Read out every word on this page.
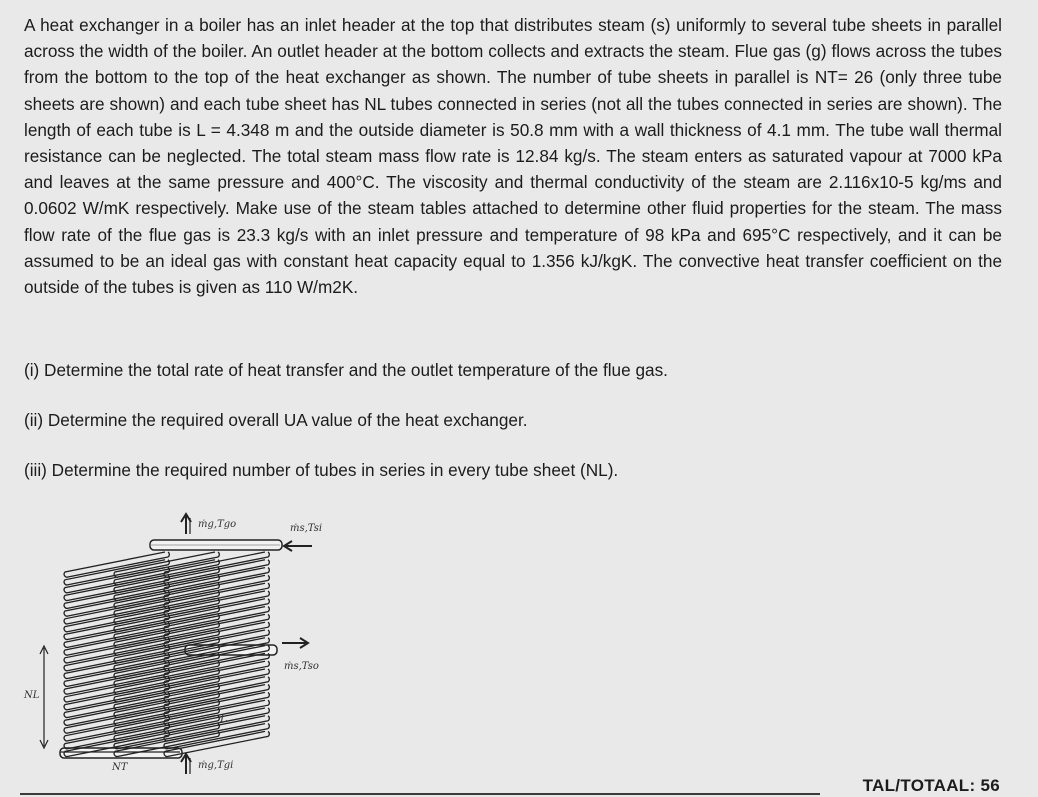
A heat exchanger in a boiler has an inlet header at the top that distributes steam (s) uniformly to several tube sheets in parallel across the width of the boiler. An outlet header at the bottom collects and extracts the steam. Flue gas (g) flows across the tubes from the bottom to the top of the heat exchanger as shown. The number of tube sheets in parallel is NT= 26 (only three tube sheets are shown) and each tube sheet has NL tubes connected in series (not all the tubes connected in series are shown). The length of each tube is L = 4.348 m and the outside diameter is 50.8 mm with a wall thickness of 4.1 mm. The tube wall thermal resistance can be neglected. The total steam mass flow rate is 12.84 kg/s. The steam enters as saturated vapour at 7000 kPa and leaves at the same pressure and 400°C. The viscosity and thermal conductivity of the steam are 2.116x10-5 kg/ms and 0.0602 W/mK respectively. Make use of the steam tables attached to determine other fluid properties for the steam. The mass flow rate of the flue gas is 23.3 kg/s with an inlet pressure and temperature of 98 kPa and 695°C respectively, and it can be assumed to be an ideal gas with constant heat capacity equal to 1.356 kJ/kgK. The convective heat transfer coefficient on the outside of the tubes is given as 110 W/m2K.
(i) Determine the total rate of heat transfer and the outlet temperature of the flue gas.
(ii) Determine the required overall UA value of the heat exchanger.
(iii) Determine the required number of tubes in series in every tube sheet (NL).
ṁg,Tgo	ṁs,Tsi
ṁs,Tso
ṁg,Tgi
L
NL
NT
TAL/TOTAAL: 56
